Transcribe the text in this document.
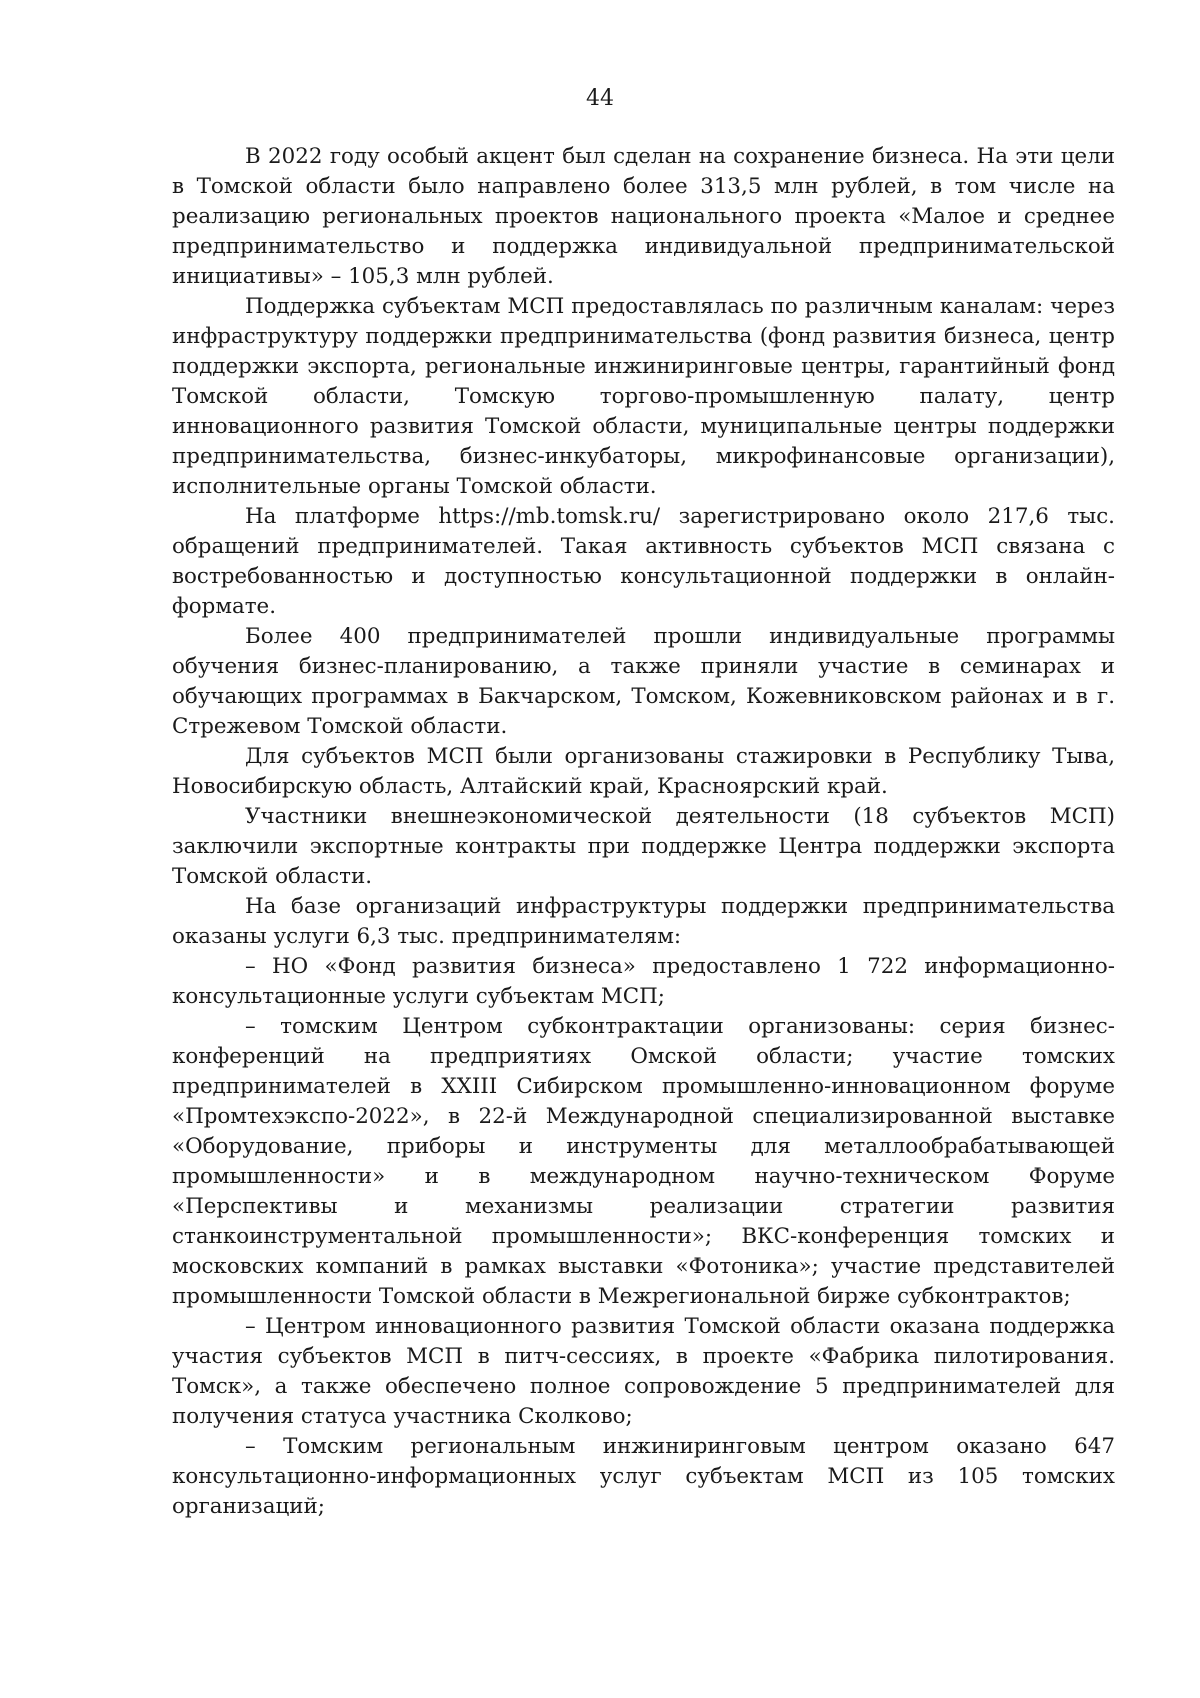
44

В 2022 году особый акцент был сделан на сохранение бизнеса. На эти цели в Томской области было направлено более 313,5 млн рублей, в том числе на реализацию региональных проектов национального проекта «Малое и среднее предпринимательство и поддержка индивидуальной предпринимательской инициативы» – 105,3 млн рублей.

Поддержка субъектам МСП предоставлялась по различным каналам: через инфраструктуру поддержки предпринимательства (фонд развития бизнеса, центр поддержки экспорта, региональные инжиниринговые центры, гарантийный фонд Томской области, Томскую торгово-промышленную палату, центр инновационного развития Томской области, муниципальные центры поддержки предпринимательства, бизнес-инкубаторы, микрофинансовые организации), исполнительные органы Томской области.

На платформе https://mb.tomsk.ru/ зарегистрировано около 217,6 тыс. обращений предпринимателей. Такая активность субъектов МСП связана с востребованностью и доступностью консультационной поддержки в онлайн-формате.

Более 400 предпринимателей прошли индивидуальные программы обучения бизнес-планированию, а также приняли участие в семинарах и обучающих программах в Бакчарском, Томском, Кожевниковском районах и в г. Стрежевом Томской области.

Для субъектов МСП были организованы стажировки в Республику Тыва, Новосибирскую область, Алтайский край, Красноярский край.

Участники внешнеэкономической деятельности (18 субъектов МСП) заключили экспортные контракты при поддержке Центра поддержки экспорта Томской области.

На базе организаций инфраструктуры поддержки предпринимательства оказаны услуги 6,3 тыс. предпринимателям:

– НО «Фонд развития бизнеса» предоставлено 1 722 информационно-консультационные услуги субъектам МСП;

– томским Центром субконтрактации организованы: серия бизнес-конференций на предприятиях Омской области; участие томских предпринимателей в XXIII Сибирском промышленно-инновационном форуме «Промтехэкспо-2022», в 22-й Международной специализированной выставке «Оборудование, приборы и инструменты для металлообрабатывающей промышленности» и в международном научно-техническом Форуме «Перспективы и механизмы реализации стратегии развития станкоинструментальной промышленности»; ВКС-конференция томских и московских компаний в рамках выставки «Фотоника»; участие представителей промышленности Томской области в Межрегиональной бирже субконтрактов;

– Центром инновационного развития Томской области оказана поддержка участия субъектов МСП в питч-сессиях, в проекте «Фабрика пилотирования. Томск», а также обеспечено полное сопровождение 5 предпринимателей для получения статуса участника Сколково;

– Томским региональным инжиниринговым центром оказано 647 консультационно-информационных услуг субъектам МСП из 105 томских организаций;
